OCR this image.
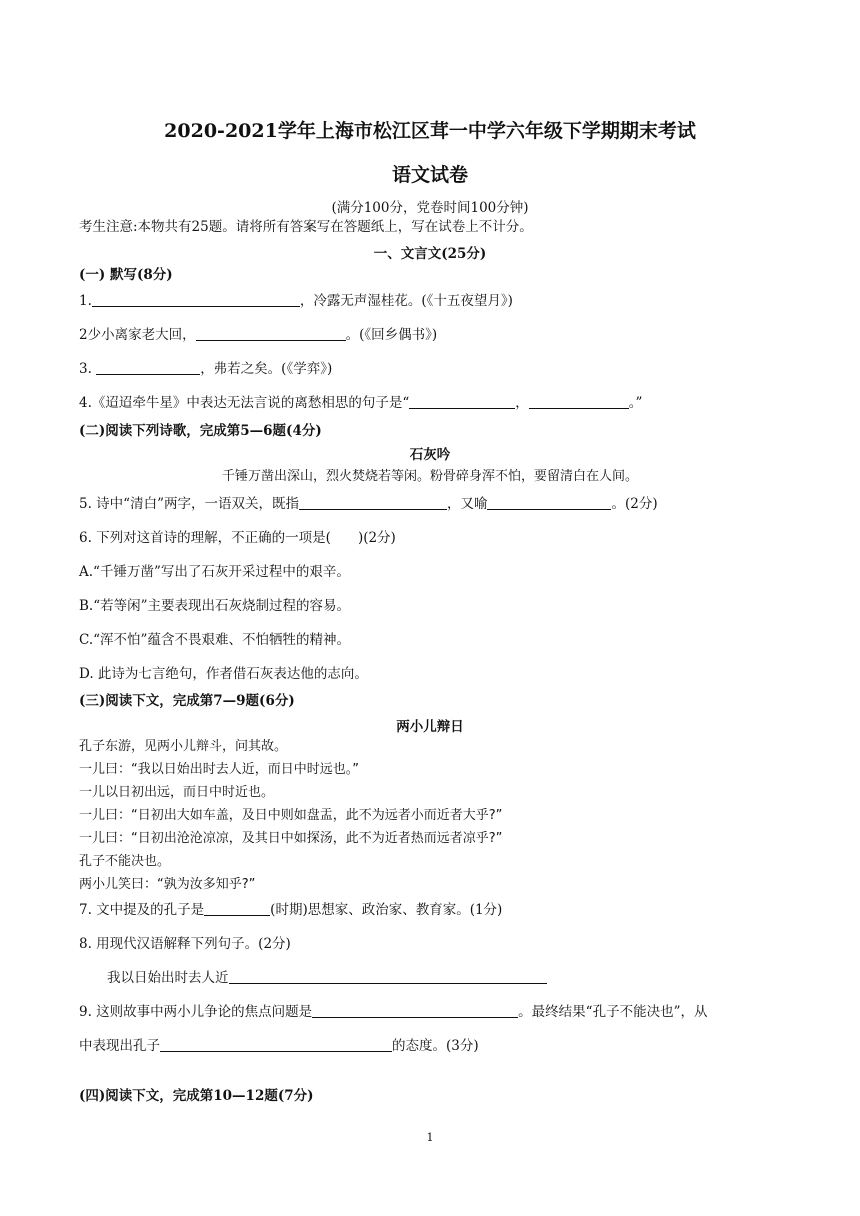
2020-2021学年上海市松江区茸一中学六年级下学期期末考试
语文试卷
(满分100分，党卷时间100分钟)
考生注意:本物共有25题。请将所有答案写在答题纸上，写在试卷上不计分。
一、文言文(25分)
(一) 默写(8分)
1.	，冷露无声湿桂花。(《十五夜望月》)
2少小离家老大回，	。(《回乡偶书》)
3.	，弗若之矣。(《学弈》)
4.《迢迢牵牛星》中表达无法言说的离愁相思的句子是“	，	。”
(二)阅读下列诗歌，完成第5—6题(4分)
石灰吟
千锤万凿出深山，烈火焚烧若等闲。粉骨碎身浑不怕，要留清白在人间。
5. 诗中“清白”两字，一语双关，既指	，又喻	。(2分)
6. 下列对这首诗的理解，不正确的一项是(　　)(2分)
A.“千锤万凿”写出了石灰开采过程中的艰辛。
B.“若等闲”主要表现出石灰烧制过程的容易。
C.“浑不怕”蕴含不畏艰难、不怕牺牲的精神。
D. 此诗为七言绝句，作者借石灰表达他的志向。
(三)阅读下文，完成第7—9题(6分)
两小儿辩日
孔子东游，见两小儿辩斗，问其故。
一儿曰：“我以日始出时去人近，而日中时远也。”
一儿以日初出远，而日中时近也。
一儿曰：“日初出大如车盖，及日中则如盘盂，此不为远者小而近者大乎?”
一儿曰：“日初出沧沧凉凉，及其日中如探汤，此不为近者热而远者凉乎?”
孔子不能决也。
两小儿笑曰：“孰为汝多知乎?”
7. 文中提及的孔子是	(时期)思想家、政治家、教育家。(1分)
8. 用现代汉语解释下列句子。(2分)
我以日始出时去人近
9. 这则故事中两小儿争论的焦点问题是	。最终结果“孔子不能决也”，从
中表现出孔子	的态度。(3分)
(四)阅读下文，完成第10—12题(7分)
1
